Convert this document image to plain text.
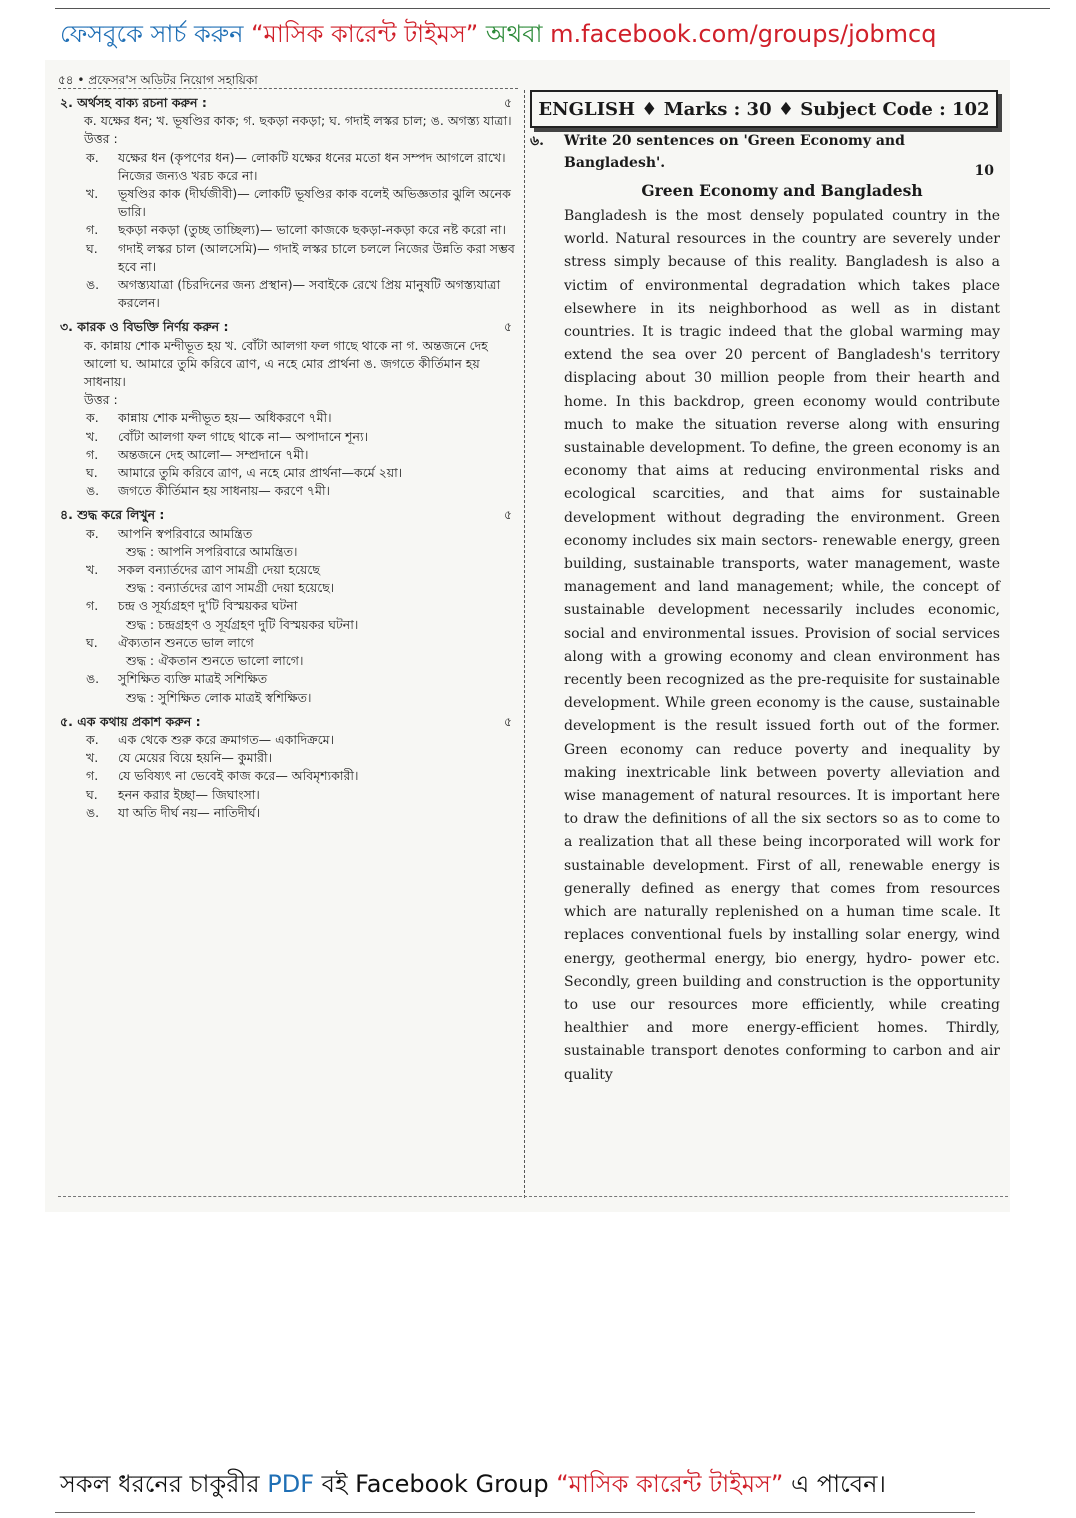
ফেসবুকে সার্চ করুন “মাসিক কারেন্ট টাইমস” অথবা m.facebook.com/groups/jobmcq
৫৪ • প্রফেসর'স অডিটর নিয়োগ সহায়িকা
২. অর্থসহ বাক্য রচনা করুন :	৫
ক. যক্ষের ধন; খ. ভূষণ্ডির কাক; গ. ছকড়া নকড়া; ঘ. গদাই লস্কর চাল; ঙ. অগস্ত্য যাত্রা।
উত্তর :
ক.	যক্ষের ধন (কৃপণের ধন)— লোকটি যক্ষের ধনের মতো ধন সম্পদ আগলে রাখে। নিজের জন্যও খরচ করে না।
খ.	ভূষণ্ডির কাক (দীর্ঘজীবী)— লোকটি ভূষণ্ডির কাক বলেই অভিজ্ঞতার ঝুলি অনেক ভারি।
গ.	ছকড়া নকড়া (তুচ্ছ তাচ্ছিল্য)— ভালো কাজকে ছকড়া-নকড়া করে নষ্ট করো না।
ঘ.	গদাই লস্কর চাল (আলসেমি)— গদাই লস্কর চালে চললে নিজের উন্নতি করা সম্ভব হবে না।
ঙ.	অগস্ত্যযাত্রা (চিরদিনের জন্য প্রস্থান)— সবাইকে রেখে প্রিয় মানুষটি অগস্ত্যযাত্রা করলেন।
৩. কারক ও বিভক্তি নির্ণয় করুন :	৫
ক. কান্নায় শোক মন্দীভূত হয় খ. বোঁটা আলগা ফল গাছে থাকে না গ. অন্তজনে দেহ আলো ঘ. আমারে তুমি করিবে ত্রাণ, এ নহে মোর প্রার্থনা ঙ. জগতে কীর্তিমান হয় সাধনায়।
উত্তর :
ক.	কান্নায় শোক মন্দীভূত হয়— অধিকরণে ৭মী।
খ.	বোঁটা আলগা ফল গাছে থাকে না— অপাদানে শূন্য।
গ.	অন্তজনে দেহ আলো— সম্প্রদানে ৭মী।
ঘ.	আমারে তুমি করিবে ত্রাণ, এ নহে মোর প্রার্থনা—কর্মে ২য়া।
ঙ.	জগতে কীর্তিমান হয় সাধনায়— করণে ৭মী।
৪. শুদ্ধ করে লিখুন :	৫
ক.	আপনি স্বপরিবারে আমন্ত্রিত
শুদ্ধ : আপনি সপরিবারে আমন্ত্রিত।
খ.	সকল বন্যার্তদের ত্রাণ সামগ্রী দেয়া হয়েছে
শুদ্ধ : বন্যার্তদের ত্রাণ সামগ্রী দেয়া হয়েছে।
গ.	চন্দ্র ও সূর্য্যগ্রহণ দু'টি বিস্ময়কর ঘটনা
শুদ্ধ : চন্দ্রগ্রহণ ও সূর্যগ্রহণ দুটি বিস্ময়কর ঘটনা।
ঘ.	ঐক্যতান শুনতে ভাল লাগে
শুদ্ধ : ঐকতান শুনতে ভালো লাগে।
ঙ.	সুশিক্ষিত ব্যক্তি মাত্রই সশিক্ষিত
শুদ্ধ : সুশিক্ষিত লোক মাত্রই স্বশিক্ষিত।
৫. এক কথায় প্রকাশ করুন :	৫
ক.	এক থেকে শুরু করে ক্রমাগত— একাদিক্রমে।
খ.	যে মেয়ের বিয়ে হয়নি— কুমারী।
গ.	যে ভবিষ্যৎ না ভেবেই কাজ করে— অবিমৃশ্যকারী।
ঘ.	হনন করার ইচ্ছা— জিঘাংসা।
ঙ.	যা অতি দীর্ঘ নয়— নাতিদীর্ঘ।
ENGLISH ♦ Marks : 30 ♦ Subject Code : 102
৬. Write 20 sentences on 'Green Economy and Bangladesh'.	10
Green Economy and Bangladesh
Bangladesh is the most densely populated country in the world. Natural resources in the country are severely under stress simply because of this reality. Bangladesh is also a victim of environmental degradation which takes place elsewhere in its neighborhood as well as in distant countries. It is tragic indeed that the global warming may extend the sea over 20 percent of Bangladesh's territory displacing about 30 million people from their hearth and home. In this backdrop, green economy would contribute much to make the situation reverse along with ensuring sustainable development. To define, the green economy is an economy that aims at reducing environmental risks and ecological scarcities, and that aims for sustainable development without degrading the environment. Green economy includes six main sectors- renewable energy, green building, sustainable transports, water management, waste management and land management; while, the concept of sustainable development necessarily includes economic, social and environmental issues. Provision of social services along with a growing economy and clean environment has recently been recognized as the pre-requisite for sustainable development. While green economy is the cause, sustainable development is the result issued forth out of the former. Green economy can reduce poverty and inequality by making inextricable link between poverty alleviation and wise management of natural resources. It is important here to draw the definitions of all the six sectors so as to come to a realization that all these being incorporated will work for sustainable development. First of all, renewable energy is generally defined as energy that comes from resources which are naturally replenished on a human time scale. It replaces conventional fuels by installing solar energy, wind energy, geothermal energy, bio energy, hydro- power etc. Secondly, green building and construction is the opportunity to use our resources more efficiently, while creating healthier and more energy-efficient homes. Thirdly, sustainable transport denotes conforming to carbon and air quality
সকল ধরনের চাকুরীর PDF বই Facebook Group “মাসিক কারেন্ট টাইমস” এ পাবেন।
